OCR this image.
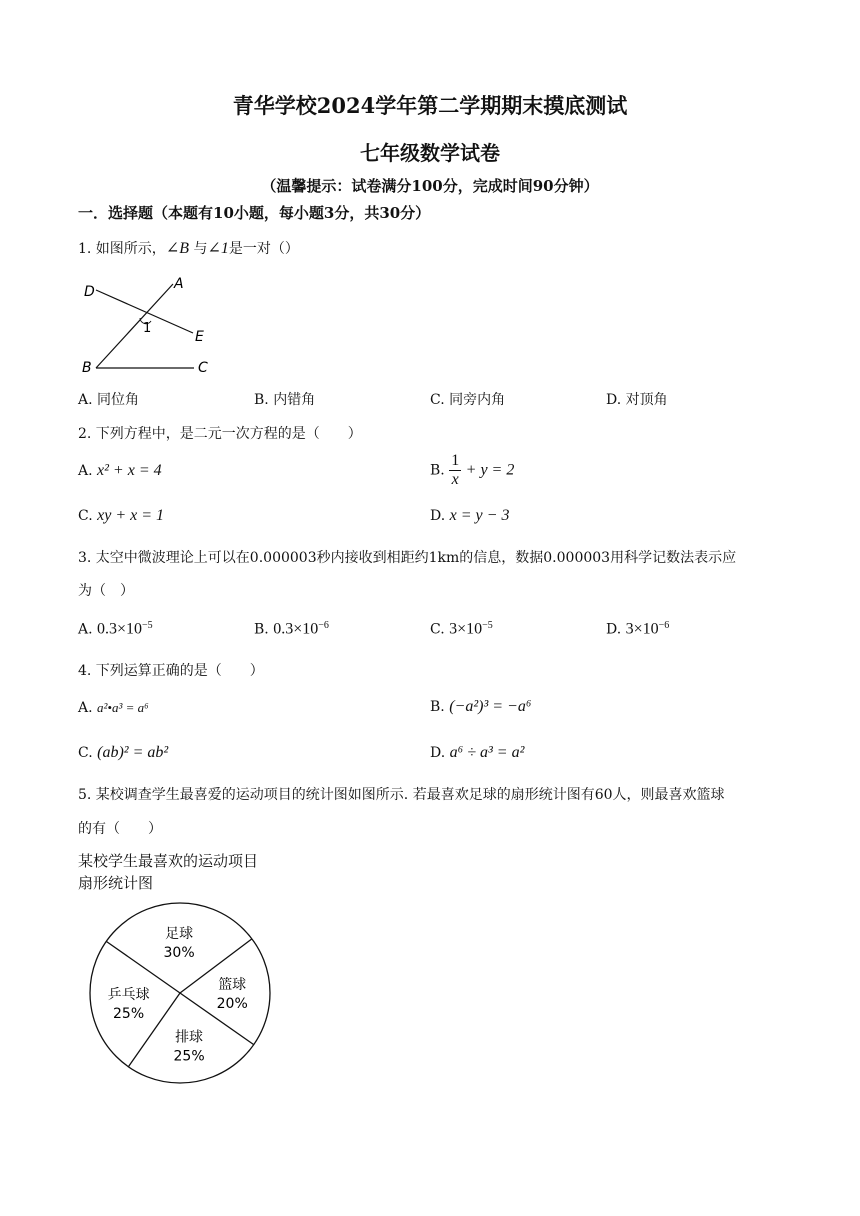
青华学校2024学年第二学期期末摸底测试
七年级数学试卷
（温馨提示：试卷满分100分，完成时间90分钟）
一．选择题（本题有10小题，每小题3分，共30分）
1. 如图所示，∠B 与∠1是一对（）
D	A
E
B	C
1
A. 同位角	B. 内错角	C. 同旁内角	D. 对顶角
2. 下列方程中，是二元一次方程的是（　　）
A. x² + x = 4	B. $\frac{1}{x} + y = 2$
C. xy + x = 1	D. x = y − 3
3. 太空中微波理论上可以在0.000003秒内接收到相距约1km的信息，数据0.000003用科学记数法表示应
为（　）
A. $0.3\times 10^{-5}$	B. $0.3\times 10^{-6}$	C. $3\times 10^{-5}$	D. $3\times 10^{-6}$
4. 下列运算正确的是（　　）
A. a²•a³ = a⁶	B. (−a²)³ = −a⁶
C. (ab)² = ab²	D. a⁶ ÷ a³ = a²
5. 某校调查学生最喜爱的运动项目的统计图如图所示. 若最喜欢足球的扇形统计图有60人，则最喜欢篮球
的有（　　）
某校学生最喜欢的运动项目
扇形统计图
足球
30%
篮球
20%
排球
25%
乒乓球
25%
